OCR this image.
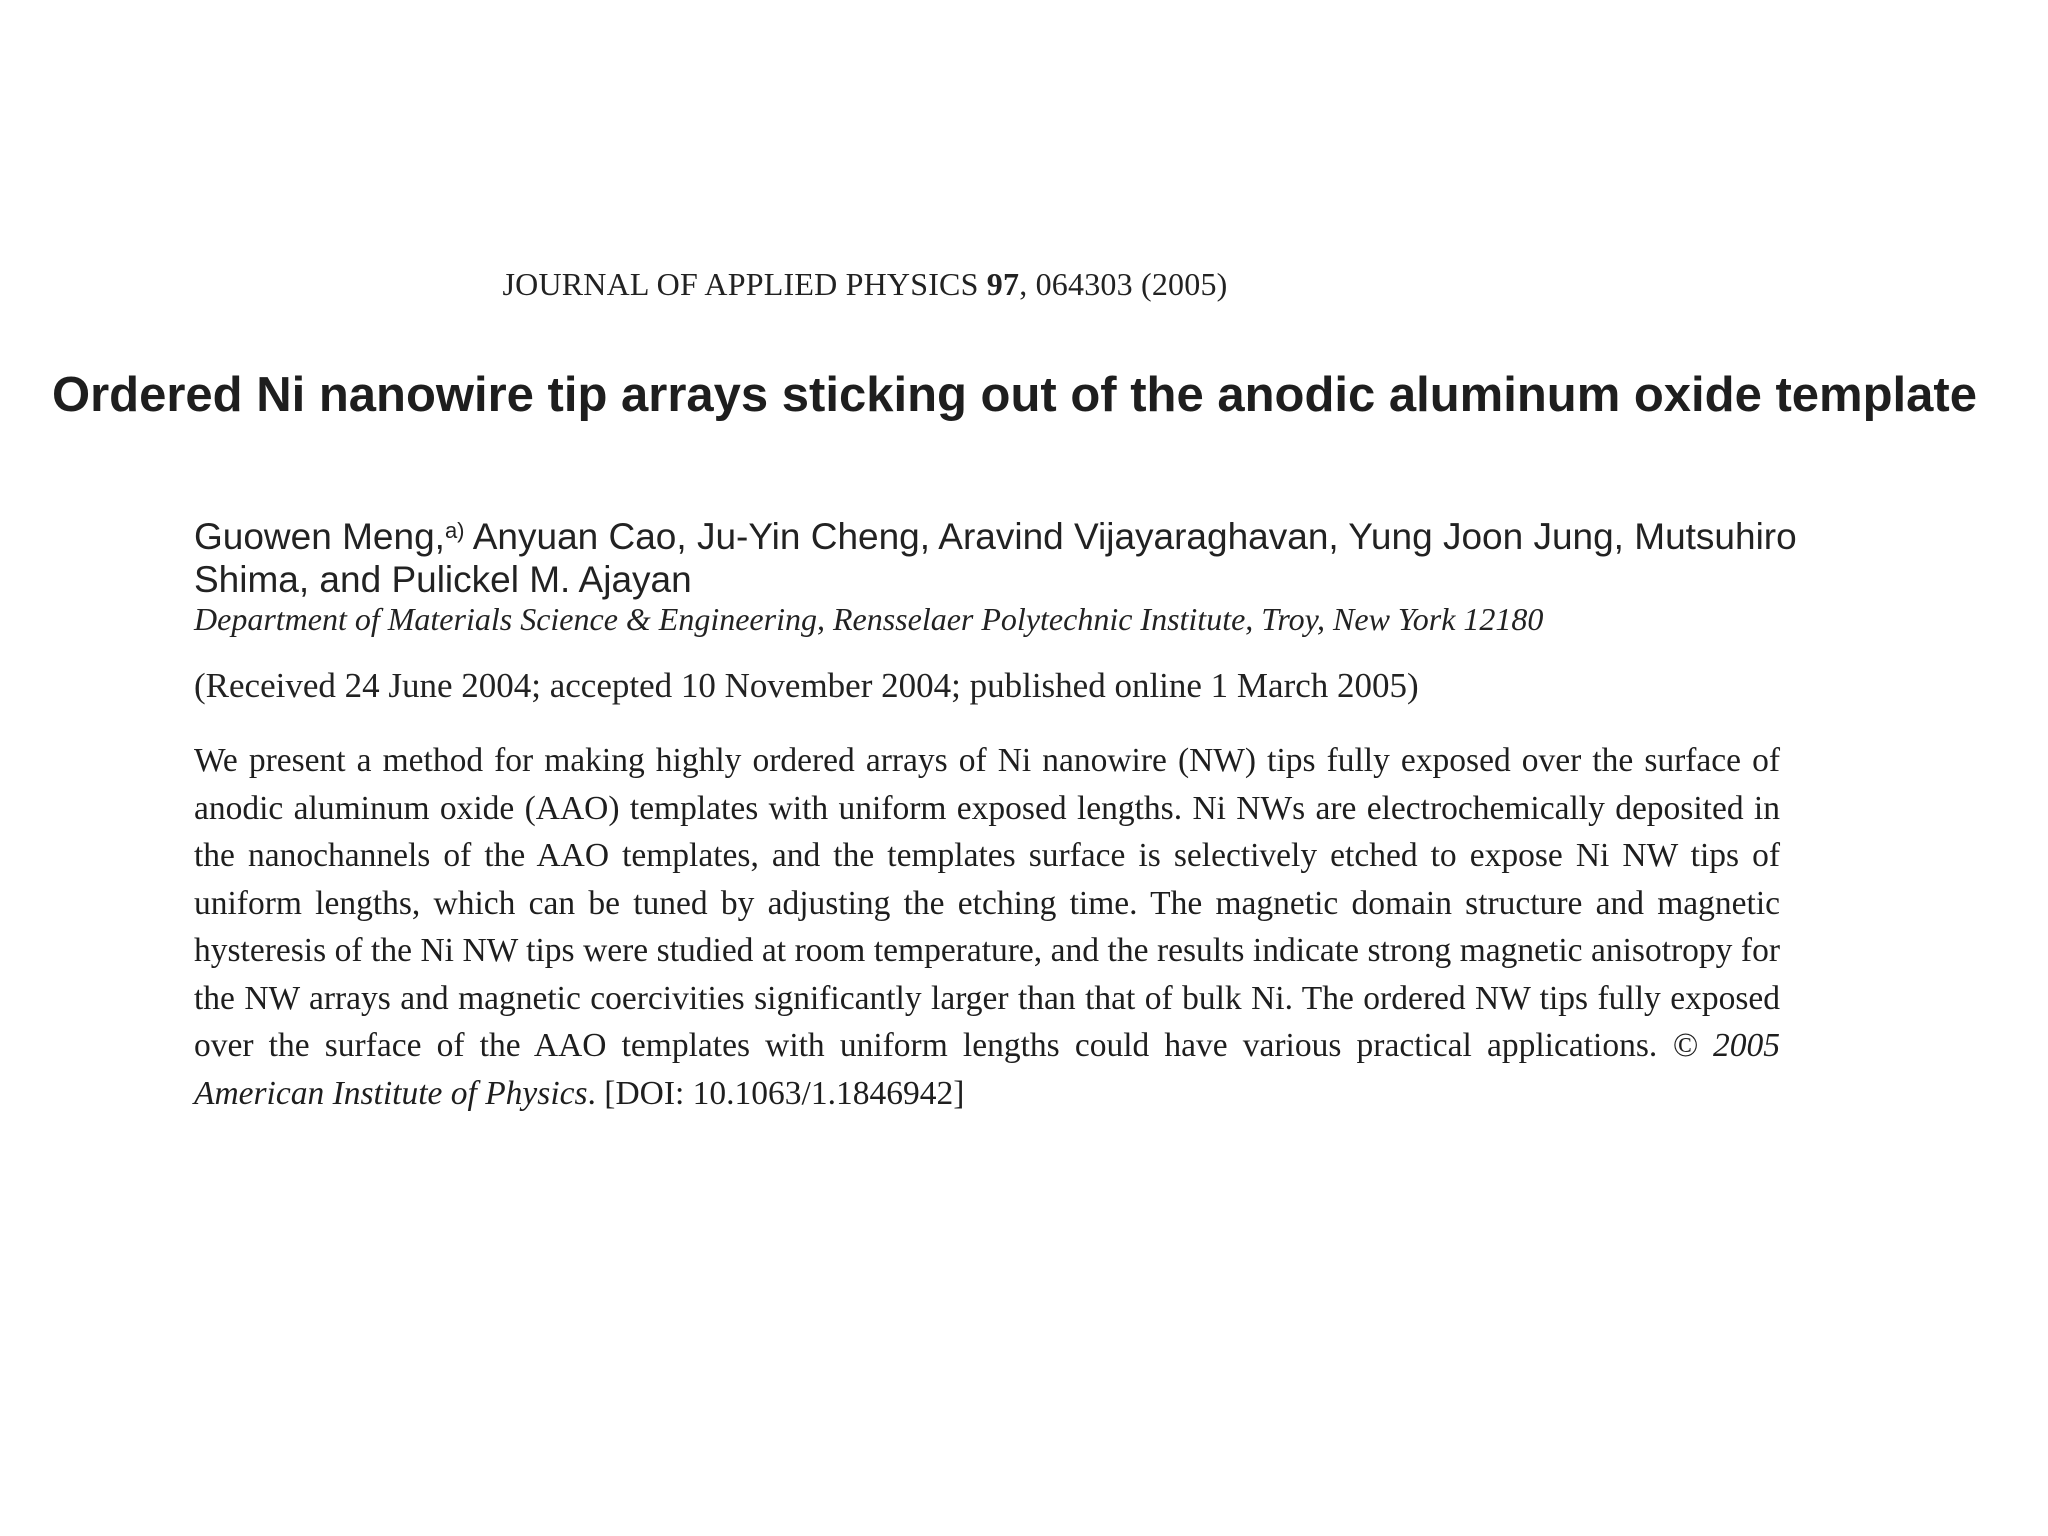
JOURNAL OF APPLIED PHYSICS 97, 064303 (2005)
Ordered Ni nanowire tip arrays sticking out of the anodic aluminum oxide template
Guowen Meng,$^{a)}$ Anyuan Cao, Ju-Yin Cheng, Aravind Vijayaraghavan, Yung Joon Jung, Mutsuhiro Shima, and Pulickel M. Ajayan
Department of Materials Science & Engineering, Rensselaer Polytechnic Institute, Troy, New York 12180
(Received 24 June 2004; accepted 10 November 2004; published online 1 March 2005)

We present a method for making highly ordered arrays of Ni nanowire (NW) tips fully exposed over the surface of anodic aluminum oxide (AAO) templates with uniform exposed lengths. Ni NWs are electrochemically deposited in the nanochannels of the AAO templates, and the templates surface is selectively etched to expose Ni NW tips of uniform lengths, which can be tuned by adjusting the etching time. The magnetic domain structure and magnetic hysteresis of the Ni NW tips were studied at room temperature, and the results indicate strong magnetic anisotropy for the NW arrays and magnetic coercivities significantly larger than that of bulk Ni. The ordered NW tips fully exposed over the surface of the AAO templates with uniform lengths could have various practical applications. © 2005 American Institute of Physics. [DOI: 10.1063/1.1846942]
